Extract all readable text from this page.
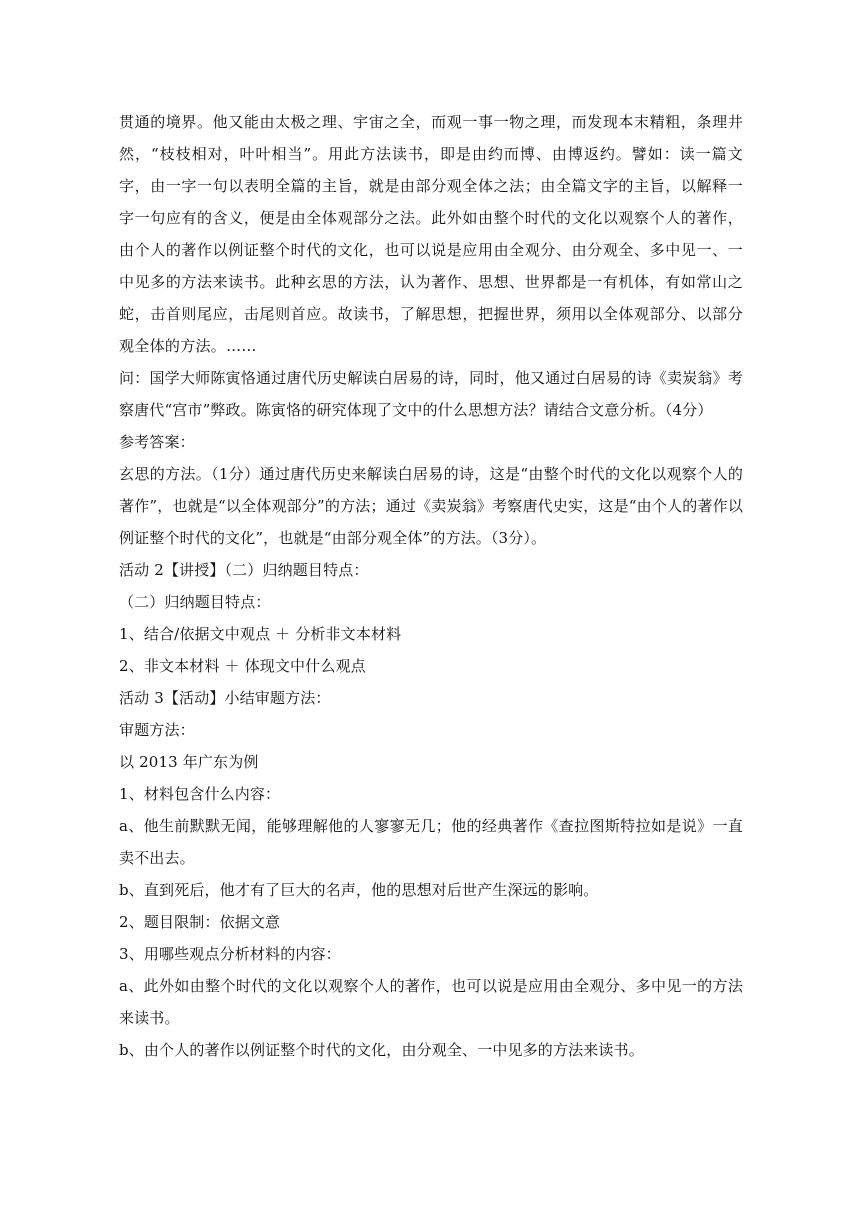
贯通的境界。他又能由太极之理、宇宙之全，而观一事一物之理，而发现本末精粗，条理井然，“枝枝相对，叶叶相当”。用此方法读书，即是由约而博、由博返约。譬如：读一篇文字，由一字一句以表明全篇的主旨，就是由部分观全体之法；由全篇文字的主旨，以解释一字一句应有的含义，便是由全体观部分之法。此外如由整个时代的文化以观察个人的著作，由个人的著作以例证整个时代的文化，也可以说是应用由全观分、由分观全、多中见一、一中见多的方法来读书。此种玄思的方法，认为著作、思想、世界都是一有机体，有如常山之蛇，击首则尾应，击尾则首应。故读书，了解思想，把握世界，须用以全体观部分、以部分观全体的方法。……

问：国学大师陈寅恪通过唐代历史解读白居易的诗，同时，他又通过白居易的诗《卖炭翁》考察唐代“宫市”弊政。陈寅恪的研究体现了文中的什么思想方法？请结合文意分析。（4分）

参考答案：

玄思的方法。（1分）通过唐代历史来解读白居易的诗，这是“由整个时代的文化以观察个人的著作”，也就是“以全体观部分”的方法；通过《卖炭翁》考察唐代史实，这是“由个人的著作以例证整个时代的文化”，也就是“由部分观全体”的方法。（3分）。

活动 2【讲授】（二）归纳题目特点：

（二）归纳题目特点：

1、结合/依据文中观点 ＋ 分析非文本材料

2、非文本材料 ＋ 体现文中什么观点

活动 3【活动】小结审题方法：

审题方法：

以 2013 年广东为例

1、材料包含什么内容：

a、他生前默默无闻，能够理解他的人寥寥无几；他的经典著作《查拉图斯特拉如是说》一直卖不出去。

b、直到死后，他才有了巨大的名声，他的思想对后世产生深远的影响。

2、题目限制：依据文意

3、用哪些观点分析材料的内容：

a、此外如由整个时代的文化以观察个人的著作，也可以说是应用由全观分、多中见一的方法来读书。

b、由个人的著作以例证整个时代的文化，由分观全、一中见多的方法来读书。
